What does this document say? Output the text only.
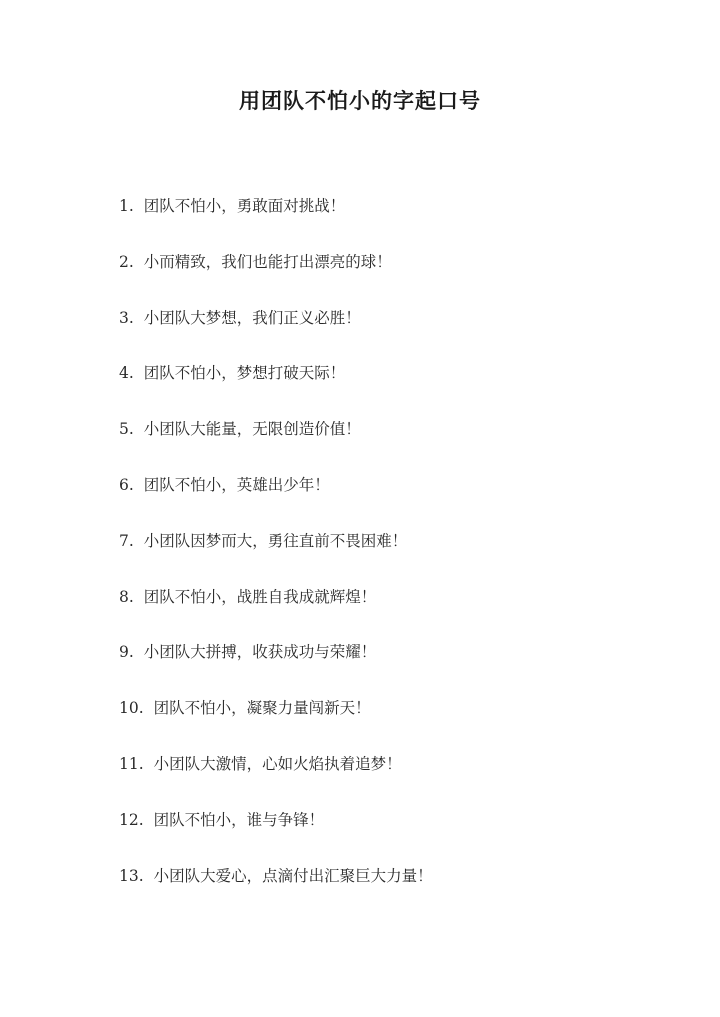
用团队不怕小的字起口号
1. 团队不怕小，勇敢面对挑战！
2. 小而精致，我们也能打出漂亮的球！
3. 小团队大梦想，我们正义必胜！
4. 团队不怕小，梦想打破天际！
5. 小团队大能量，无限创造价值！
6. 团队不怕小，英雄出少年！
7. 小团队因梦而大，勇往直前不畏困难！
8. 团队不怕小，战胜自我成就辉煌！
9. 小团队大拼搏，收获成功与荣耀！
10. 团队不怕小，凝聚力量闯新天！
11. 小团队大激情，心如火焰执着追梦！
12. 团队不怕小，谁与争锋！
13. 小团队大爱心，点滴付出汇聚巨大力量！
